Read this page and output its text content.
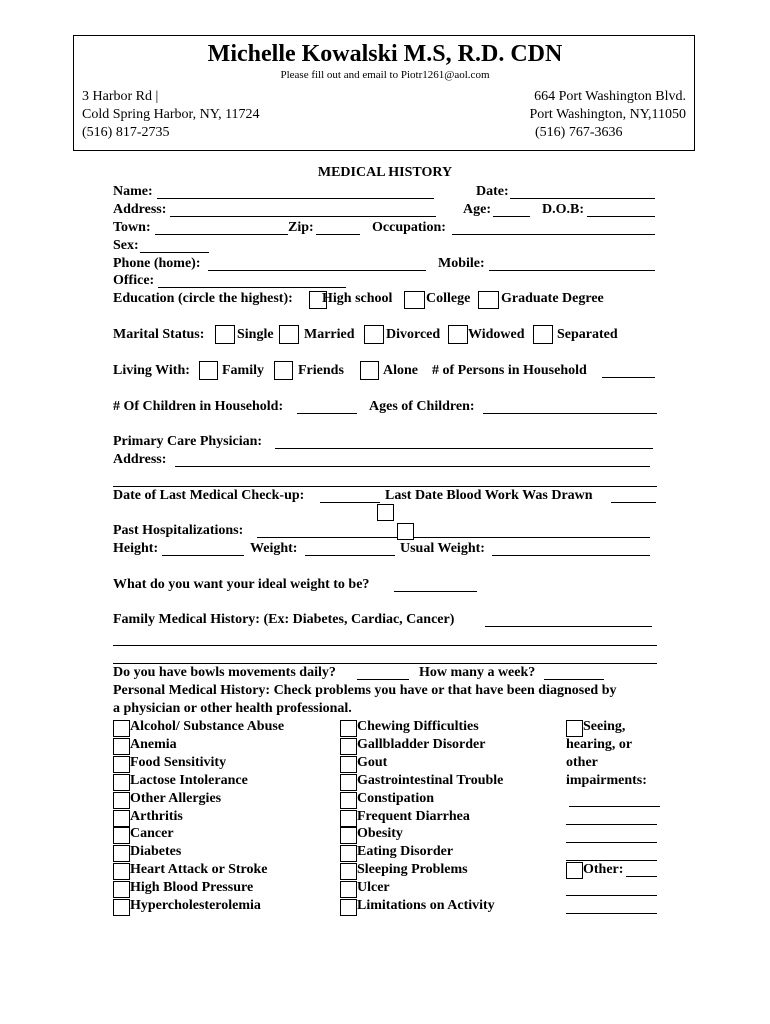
Michelle Kowalski M.S, R.D. CDN
Please fill out and email to Piotr1261@aol.com
3 Harbor Rd |
Cold Spring Harbor, NY, 11724
(516) 817-2735
664 Port Washington Blvd.
Port Washington, NY,11050
(516) 767-3636
MEDICAL HISTORY
Name:	Date:
Address:	Age:	D.O.B:
Town:	Zip:	Occupation:
Sex:
Phone (home):	Mobile:
Office:
Education (circle the highest): High school College Graduate Degree
Marital Status: Single Married Divorced Widowed Separated
Living With: Family Friends	Alone # of Persons in Household
# Of Children in Household:	Ages of Children:
Primary Care Physician:
Address:
Date of Last Medical Check-up:	Last Date Blood Work Was Drawn
Past Hospitalizations:
Height:	Weight:	Usual Weight:
What do you want your ideal weight to be?
Family Medical History: (Ex: Diabetes, Cardiac, Cancer)
Do you have bowls movements daily?	How many a week?
Personal Medical History: Check problems you have or that have been diagnosed by
a physician or other health professional.
Alcohol/ Substance Abuse
Anemia
Food Sensitivity
Lactose Intolerance
Other Allergies
Arthritis
Cancer
Diabetes
Heart Attack or Stroke
High Blood Pressure
Hypercholesterolemia
Chewing Difficulties
Gallbladder Disorder
Gout
Gastrointestinal Trouble
Constipation
Frequent Diarrhea
Obesity
Eating Disorder
Sleeping Problems
Ulcer
Limitations on Activity
Seeing,
hearing, or
other
impairments:
Other:
